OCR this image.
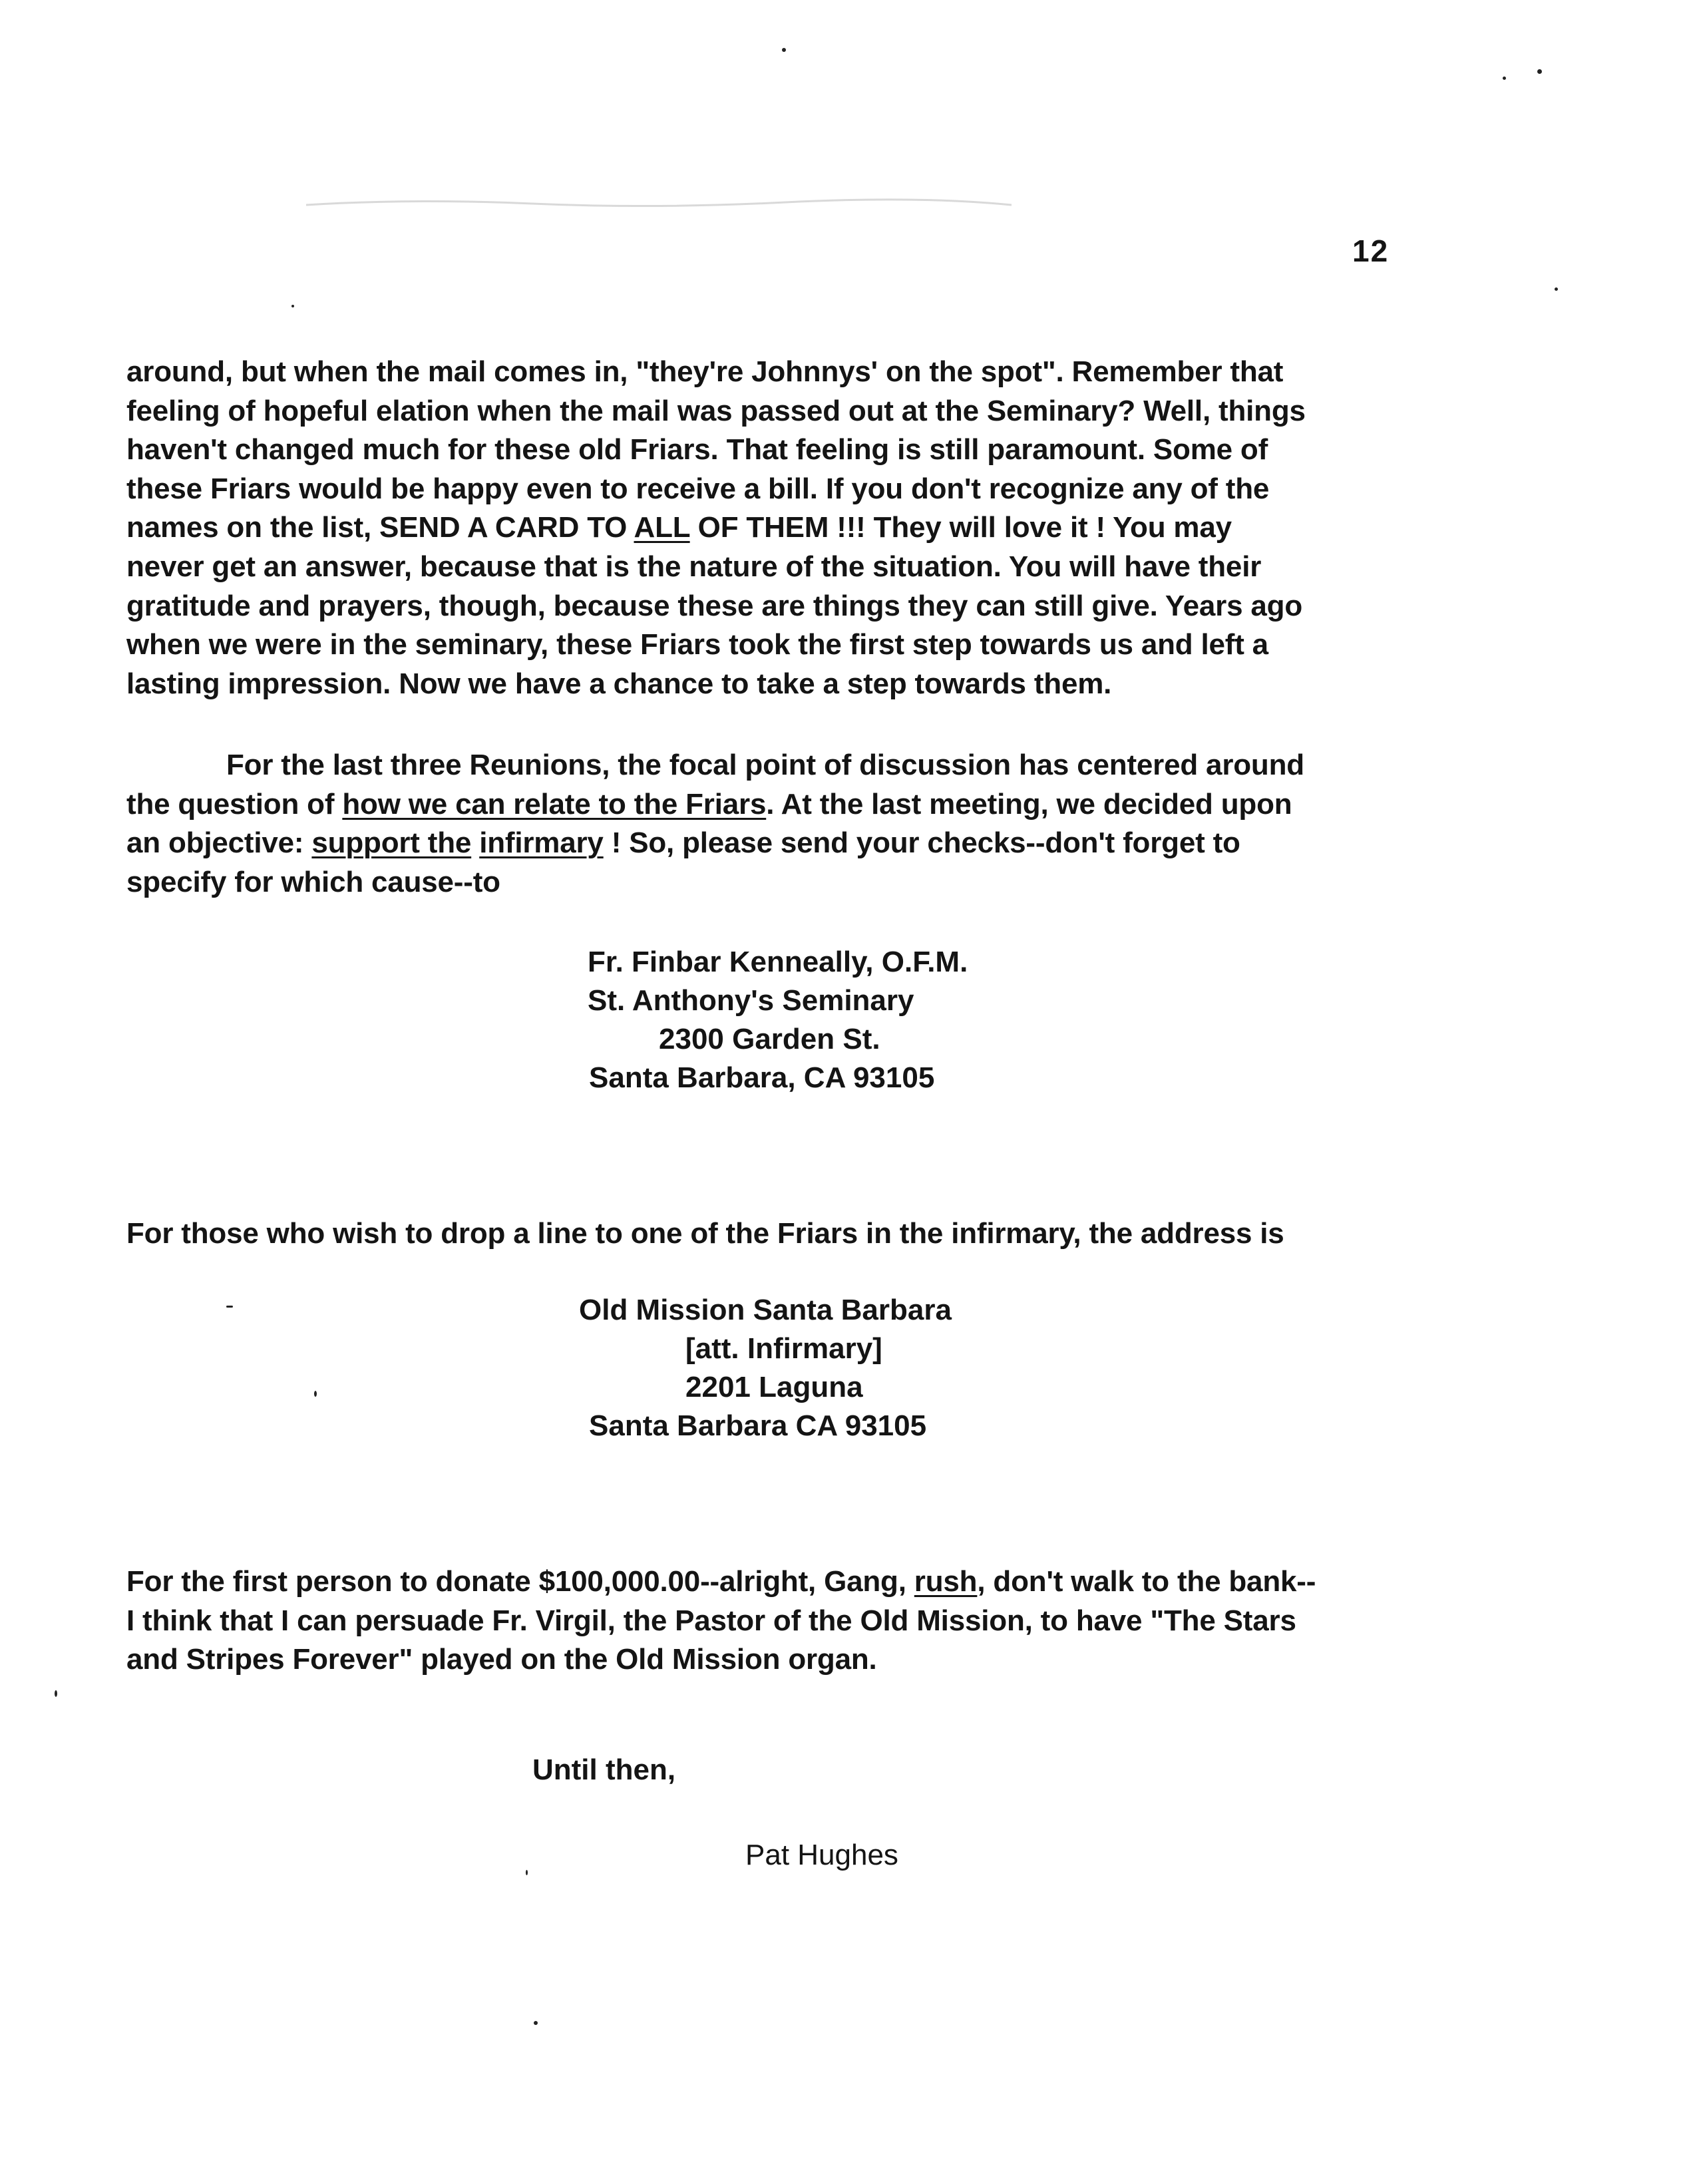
12
around, but when the mail comes in, "they're Johnnys' on the spot". Remember that
feeling of hopeful elation when the mail was passed out at the Seminary? Well, things
haven't changed much for these old Friars. That feeling is still paramount. Some of
these Friars would be happy even to receive a bill. If you don't recognize any of the
names on the list, SEND A CARD TO ALL OF THEM !!! They will love it ! You may
never get an answer, because that is the nature of the situation. You will have their
gratitude and prayers, though, because these are things they can still give. Years ago
when we were in the seminary, these Friars took the first step towards us and left a
lasting impression. Now we have a chance to take a step towards them.
For the last three Reunions, the focal point of discussion has centered around
the question of how we can relate to the Friars. At the last meeting, we decided upon
an objective: support the infirmary ! So, please send your checks--don't forget to
specify for which cause--to
Fr. Finbar Kenneally, O.F.M.
St. Anthony's Seminary
2300 Garden St.
Santa Barbara, CA 93105
For those who wish to drop a line to one of the Friars in the infirmary, the address is
Old Mission Santa Barbara
[att. Infirmary]
2201 Laguna
Santa Barbara CA 93105
For the first person to donate $100,000.00--alright, Gang, rush, don't walk to the bank--
I think that I can persuade Fr. Virgil, the Pastor of the Old Mission, to have "The Stars
and Stripes Forever" played on the Old Mission organ.
Until then,
Pat Hughes
